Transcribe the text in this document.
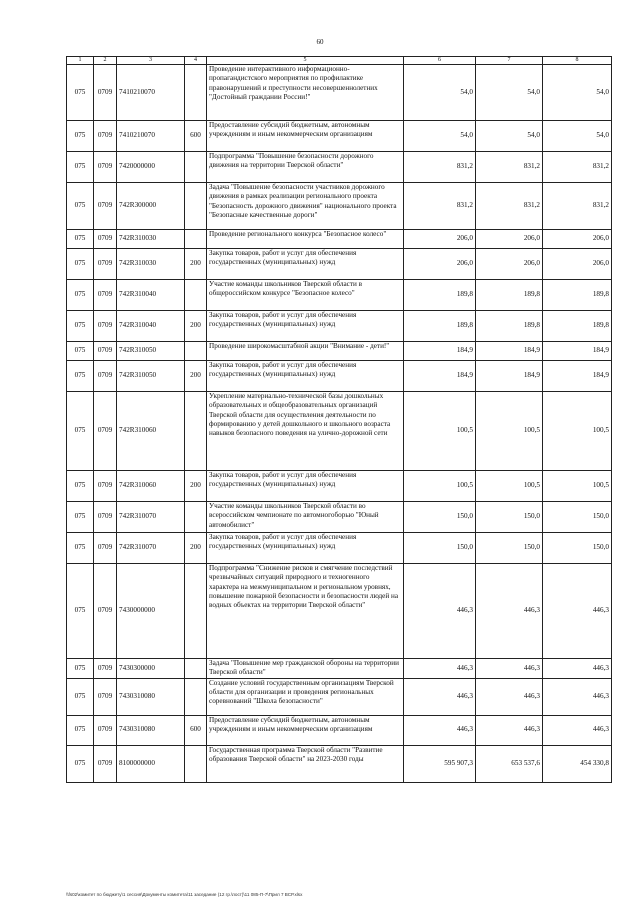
60
1	2	3	4	5	6	7	8
075	0709	7410210070		Проведение интерактивного информационно-пропагандистского мероприятия по профилактике правонарушений и преступности несовершеннолетних "Достойный граждании России!"	54,0	54,0	54,0
075	0709	7410210070	600	Предоставление субсидий бюджетным, автономным учреждениям и иным некоммерческим организациям	54,0	54,0	54,0
075	0709	7420000000		Подпрограмма "Повышение безопасности дорожного движения на территории Тверской области"	831,2	831,2	831,2
075	0709	742R300000		Задача "Повышение безопасности участников дорожного движения в рамках реализации регионального проекта "Безопасность дорожного движения" национального проекта "Безопасные качественные дороги"	831,2	831,2	831,2
075	0709	742R310030		Проведение регионального конкурса "Безопасное колесо"	206,0	206,0	206,0
075	0709	742R310030	200	Закупка товаров, работ и услуг для обеспечения государственных (муниципальных) нужд	206,0	206,0	206,0
075	0709	742R310040		Участие команды школьников Тверской области в общероссийском конкурсе "Безопасное колесо"	189,8	189,8	189,8
075	0709	742R310040	200	Закупка товаров, работ и услуг для обеспечения государственных (муниципальных) нужд	189,8	189,8	189,8
075	0709	742R310050		Проведение широкомасштабной акции "Внимание - дети!"	184,9	184,9	184,9
075	0709	742R310050	200	Закупка товаров, работ и услуг для обеспечения государственных (муниципальных) нужд	184,9	184,9	184,9
075	0709	742R310060		Укрепление материально-технической базы дошкольных образовательных и общеобразовательных организаций Тверской области для осуществления деятельности по формированию у детей дошкольного и школьного возраста навыков безопасного поведения на улично-дорожной сети	100,5	100,5	100,5
075	0709	742R310060	200	Закупка товаров, работ и услуг для обеспечения государственных (муниципальных) нужд	100,5	100,5	100,5
075	0709	742R310070		Участие команды школьников Тверской области во всероссийском чемпионате по автомногоборью "Юный автомобилист"	150,0	150,0	150,0
075	0709	742R310070	200	Закупка товаров, работ и услуг для обеспечения государственных (муниципальных) нужд	150,0	150,0	150,0
075	0709	7430000000		Подпрограмма "Снижение рисков и смягчение последствий чрезвычайных ситуаций природного и техногенного характера на межмуниципальном и региональном уровнях, повышение пожарной безопасности и безопасности людей на водных объектах на территории Тверской области"	446,3	446,3	446,3
075	0709	7430300000		Задача "Повышение мер гражданской обороны на территории Тверской области"	446,3	446,3	446,3
075	0709	7430310080		Создание условий государственным организациям Тверской области для организации и проведения региональных соревнований "Школа безопасности"	446,3	446,3	446,3
075	0709	7430310080	600	Предоставление субсидий бюджетным, автономным учреждениям и иным некоммерческим организациям	446,3	446,3	446,3
075	0709	8100000000		Государственная программа Тверской области "Развитие образования Тверской области" на 2023-2030 годы	595 907,3	653 537,6	454 330,8
\\fs02\комитет по бюджету\1 сессия\Документы комитета\11 заседание (12 гр.\пост)\11 085-П-7\Прил 7 ВСР.xlsx
